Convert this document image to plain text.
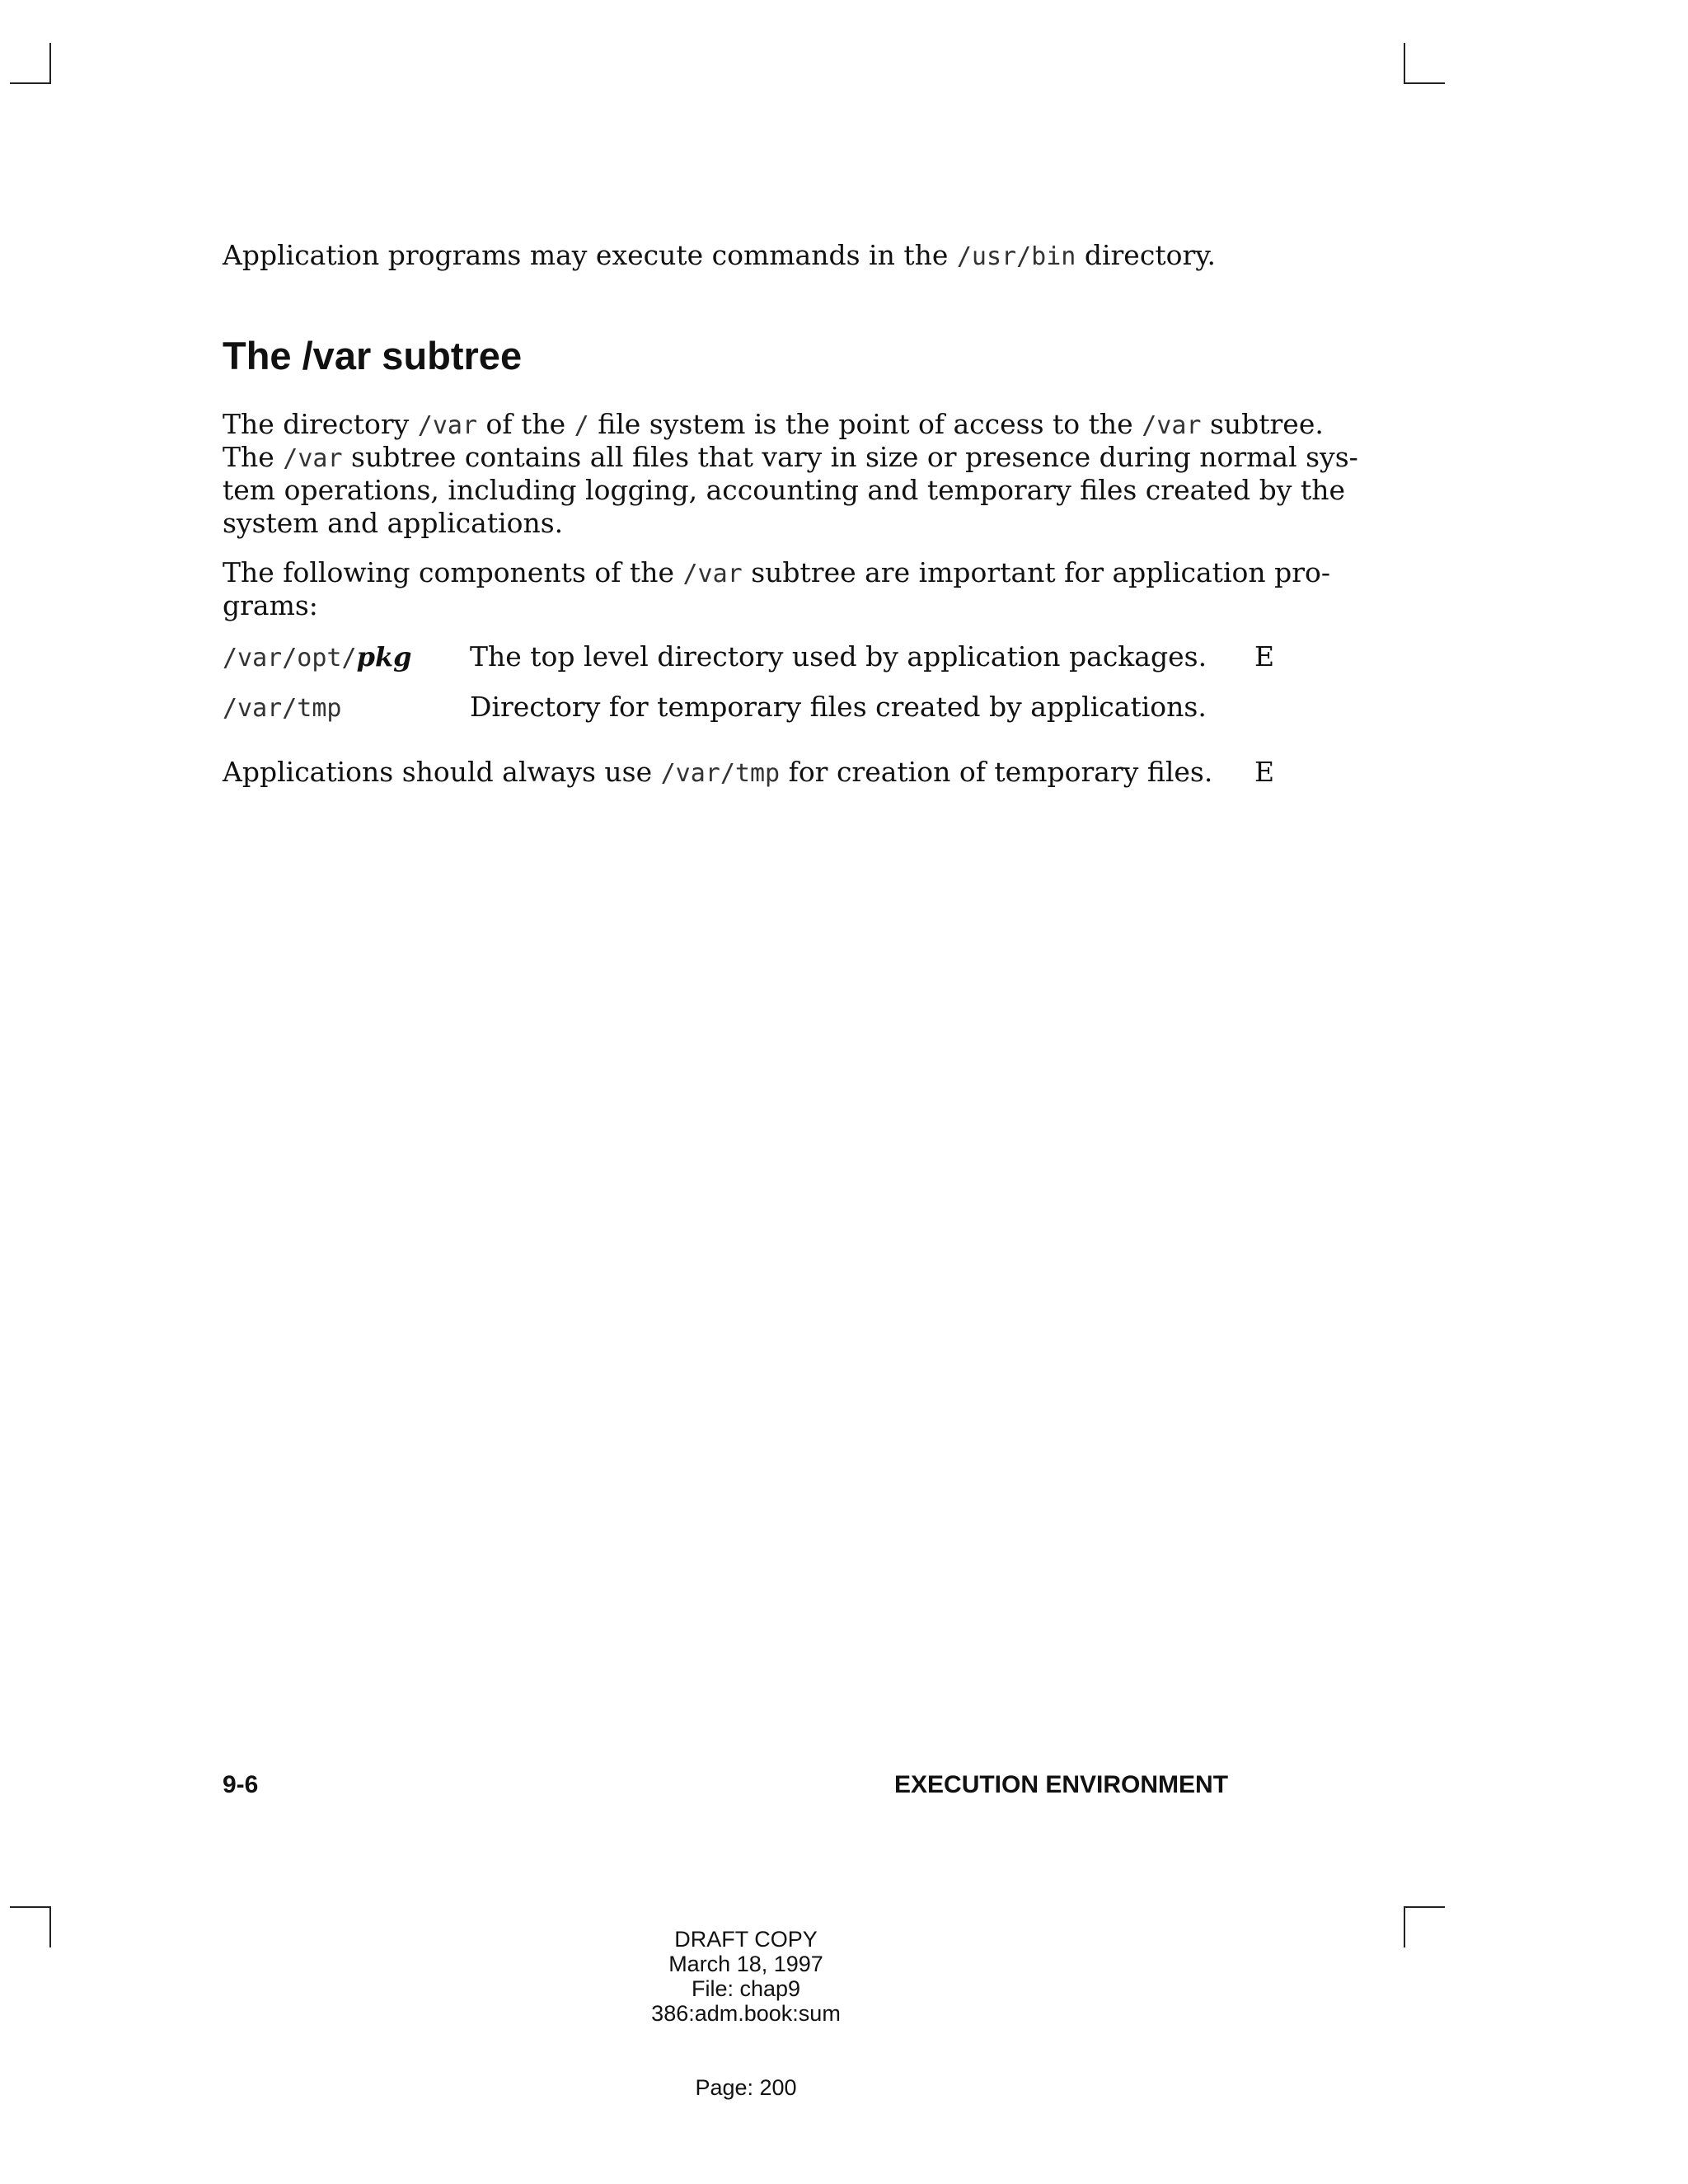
Application programs may execute commands in the /usr/bin directory.

The /var subtree

The directory /var of the / file system is the point of access to the /var subtree.

The /var subtree contains all files that vary in size or presence during normal sys-

tem operations, including logging, accounting and temporary files created by the

system and applications.

The following components of the /var subtree are important for application pro-

grams:

/var/opt/pkg The top level directory used by application packages. E
/var/tmp	Directory for temporary files created by applications.

Applications should always use /var/tmp for creation of temporary files. E
9-6	EXECUTION ENVIRONMENT
DRAFT COPY
March 18, 1997
File: chap9
386:adm.book:sum
Page: 200
